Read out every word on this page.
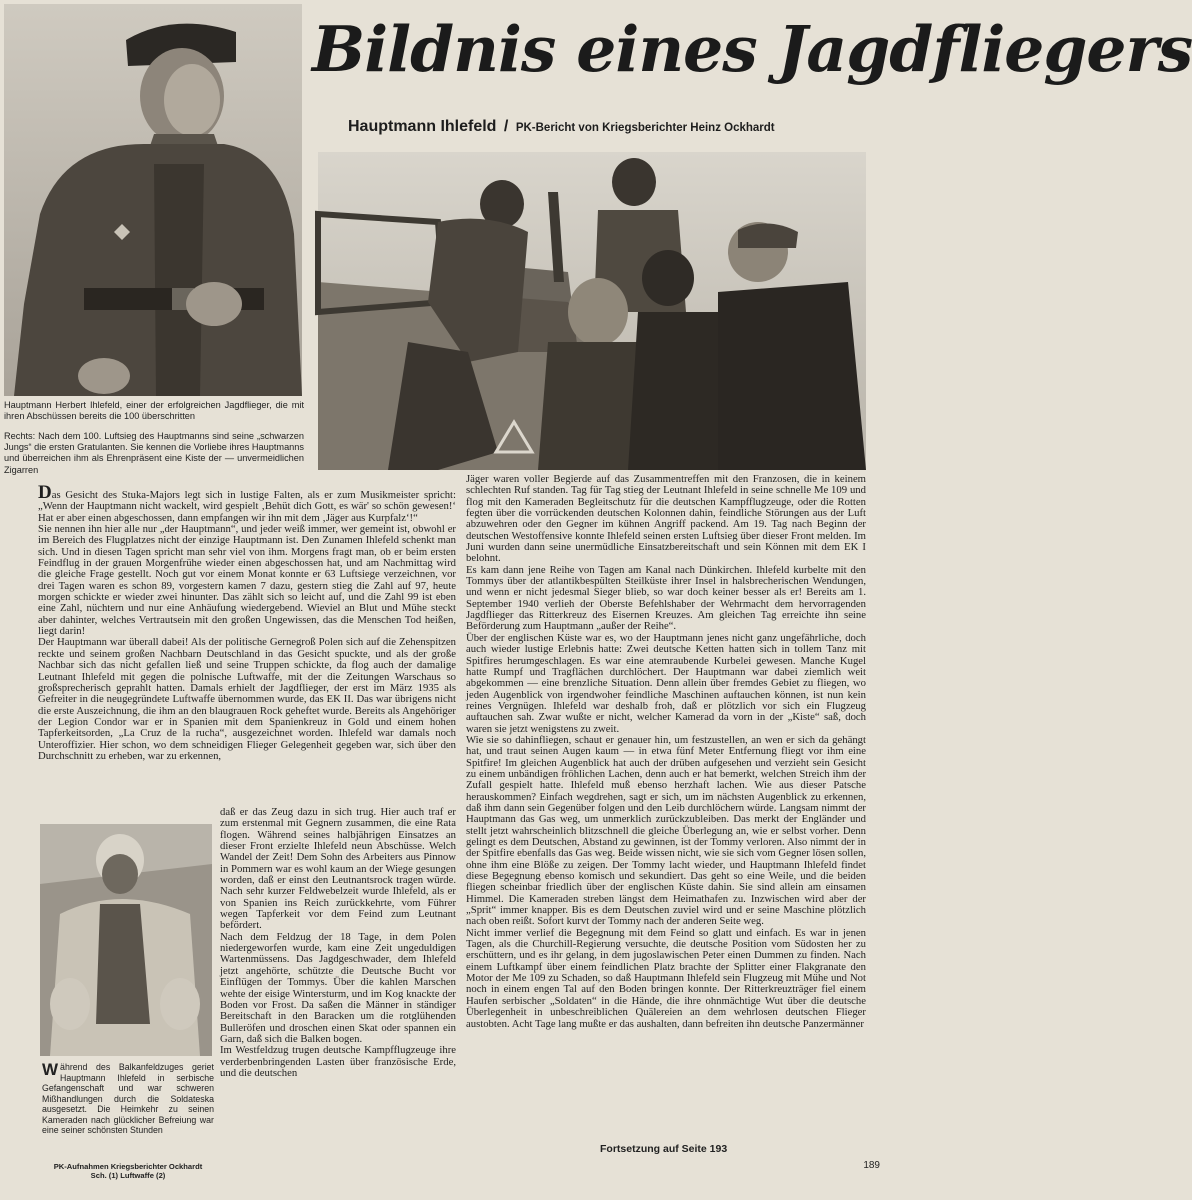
Bildnis eines Jagdfliegers
Hauptmann Ihlefeld / PK-Bericht von Kriegsberichter Heinz Ockhardt
Hauptmann Herbert Ihlefeld, einer der erfolgreichen Jagdflieger, die mit ihren Abschüssen bereits die 100 überschritten
Rechts: Nach dem 100. Luftsieg des Hauptmanns sind seine „schwarzen Jungs“ die ersten Gratulanten. Sie kennen die Vorliebe ihres Hauptmanns und überreichen ihm als Ehrenpräsent eine Kiste der — unvermeidlichen Zigarren

Das Gesicht des Stuka-Majors legt sich in lustige Falten, als er zum Musikmeister spricht: „Wenn der Hauptmann nicht wackelt, wird gespielt ‚Behüt dich Gott, es wär' so schön gewesen!‘ Hat er aber einen abgeschossen, dann empfangen wir ihn mit dem ‚Jäger aus Kurpfalz‘!“

Sie nennen ihn hier alle nur „der Hauptmann“, und jeder weiß immer, wer gemeint ist, obwohl er im Bereich des Flugplatzes nicht der einzige Hauptmann ist. Den Zunamen Ihlefeld schenkt man sich. Und in diesen Tagen spricht man sehr viel von ihm. Morgens fragt man, ob er beim ersten Feindflug in der grauen Morgenfrühe wieder einen abgeschossen hat, und am Nachmittag wird die gleiche Frage gestellt. Noch gut vor einem Monat konnte er 63 Luftsiege verzeichnen, vor drei Tagen waren es schon 89, vorgestern kamen 7 dazu, gestern stieg die Zahl auf 97, heute morgen schickte er wieder zwei hinunter. Das zählt sich so leicht auf, und die Zahl 99 ist eben eine Zahl, nüchtern und nur eine Anhäufung wiedergebend. Wieviel an Blut und Mühe steckt aber dahinter, welches Vertrautsein mit den großen Ungewissen, das die Menschen Tod heißen, liegt darin!

Der Hauptmann war überall dabei! Als der politische Gernegroß Polen sich auf die Zehenspitzen reckte und seinem großen Nachbarn Deutschland in das Gesicht spuckte, und als der große Nachbar sich das nicht gefallen ließ und seine Truppen schickte, da flog auch der damalige Leutnant Ihlefeld mit gegen die polnische Luftwaffe, mit der die Zeitungen Warschaus so großsprecherisch geprahlt hatten. Damals erhielt der Jagdflieger, der erst im März 1935 als Gefreiter in die neugegründete Luftwaffe übernommen wurde, das EK II. Das war übrigens nicht die erste Auszeichnung, die ihm an den blaugrauen Rock geheftet wurde. Bereits als Angehöriger der Legion Condor war er in Spanien mit dem Spanienkreuz in Gold und einem hohen Tapferkeitsorden, „La Cruz de la rucha“, ausgezeichnet worden. Ihlefeld war damals noch Unteroffizier. Hier schon, wo dem schneidigen Flieger Gelegenheit gegeben war, sich über den Durchschnitt zu erheben, war zu erkennen,

daß er das Zeug dazu in sich trug. Hier auch traf er zum erstenmal mit Gegnern zusammen, die eine Rata flogen. Während seines halbjährigen Einsatzes an dieser Front erzielte Ihlefeld neun Abschüsse. Welch Wandel der Zeit! Dem Sohn des Arbeiters aus Pinnow in Pommern war es wohl kaum an der Wiege gesungen worden, daß er einst den Leutnantsrock tragen würde. Nach sehr kurzer Feldwebelzeit wurde Ihlefeld, als er von Spanien ins Reich zurückkehrte, vom Führer wegen Tapferkeit vor dem Feind zum Leutnant befördert.

Nach dem Feldzug der 18 Tage, in dem Polen niedergeworfen wurde, kam eine Zeit ungeduldigen Wartenmüssens. Das Jagdgeschwader, dem Ihlefeld jetzt angehörte, schützte die Deutsche Bucht vor Einflügen der Tommys. Über die kahlen Marschen wehte der eisige Wintersturm, und im Kog knackte der Boden vor Frost. Da saßen die Männer in ständiger Bereitschaft in den Baracken um die rotglühenden Bulleröfen und droschen einen Skat oder spannen ein Garn, daß sich die Balken bogen.

Im Westfeldzug trugen deutsche Kampfflugzeuge ihre verderbenbringenden Lasten über französische Erde, und die deutschen

Während des Balkanfeldzuges geriet Hauptmann Ihlefeld in serbische Gefangenschaft und war schweren Mißhandlungen durch die Soldateska ausgesetzt. Die Heimkehr zu seinen Kameraden nach glücklicher Befreiung war eine seiner schönsten Stunden
PK-Aufnahmen Kriegsberichter Ockhardt
Sch. (1) Luftwaffe (2)

Jäger waren voller Begierde auf das Zusammentreffen mit den Franzosen, die in keinem schlechten Ruf standen. Tag für Tag stieg der Leutnant Ihlefeld in seine schnelle Me 109 und flog mit den Kameraden Begleitschutz für die deutschen Kampfflugzeuge, oder die Rotten fegten über die vorrückenden deutschen Kolonnen dahin, feindliche Störungen aus der Luft abzuwehren oder den Gegner im kühnen Angriff packend. Am 19. Tag nach Beginn der deutschen Westoffensive konnte Ihlefeld seinen ersten Luftsieg über dieser Front melden. Im Juni wurden dann seine unermüdliche Einsatzbereitschaft und sein Können mit dem EK I belohnt.

Es kam dann jene Reihe von Tagen am Kanal nach Dünkirchen. Ihlefeld kurbelte mit den Tommys über der atlantikbespülten Steilküste ihrer Insel in halsbrecherischen Wendungen, und wenn er nicht jedesmal Sieger blieb, so war doch keiner besser als er! Bereits am 1. September 1940 verlieh der Oberste Befehlshaber der Wehrmacht dem hervorragenden Jagdflieger das Ritterkreuz des Eisernen Kreuzes. Am gleichen Tag erreichte ihn seine Beförderung zum Hauptmann „außer der Reihe“.

Über der englischen Küste war es, wo der Hauptmann jenes nicht ganz ungefährliche, doch auch wieder lustige Erlebnis hatte: Zwei deutsche Ketten hatten sich in tollem Tanz mit Spitfires herumgeschlagen. Es war eine atemraubende Kurbelei gewesen. Manche Kugel hatte Rumpf und Tragflächen durchlöchert. Der Hauptmann war dabei ziemlich weit abgekommen — eine brenzliche Situation. Denn allein über fremdes Gebiet zu fliegen, wo jeden Augenblick von irgendwoher feindliche Maschinen auftauchen können, ist nun kein reines Vergnügen. Ihlefeld war deshalb froh, daß er plötzlich vor sich ein Flugzeug auftauchen sah. Zwar wußte er nicht, welcher Kamerad da vorn in der „Kiste“ saß, doch waren sie jetzt wenigstens zu zweit.

Wie sie so dahinfliegen, schaut er genauer hin, um festzustellen, an wen er sich da gehängt hat, und traut seinen Augen kaum — in etwa fünf Meter Entfernung fliegt vor ihm eine Spitfire! Im gleichen Augenblick hat auch der drüben aufgesehen und verzieht sein Gesicht zu einem unbändigen fröhlichen Lachen, denn auch er hat bemerkt, welchen Streich ihm der Zufall gespielt hatte. Ihlefeld muß ebenso herzhaft lachen. Wie aus dieser Patsche herauskommen? Einfach wegdrehen, sagt er sich, um im nächsten Augenblick zu erkennen, daß ihm dann sein Gegenüber folgen und den Leib durchlöchern würde. Langsam nimmt der Hauptmann das Gas weg, um unmerklich zurückzubleiben. Das merkt der Engländer und stellt jetzt wahrscheinlich blitzschnell die gleiche Überlegung an, wie er selbst vorher. Denn gelingt es dem Deutschen, Abstand zu gewinnen, ist der Tommy verloren. Also nimmt der in der Spitfire ebenfalls das Gas weg. Beide wissen nicht, wie sie sich vom Gegner lösen sollen, ohne ihm eine Blöße zu zeigen. Der Tommy lacht wieder, und Hauptmann Ihlefeld findet diese Begegnung ebenso komisch und sekundiert. Das geht so eine Weile, und die beiden fliegen scheinbar friedlich über der englischen Küste dahin. Sie sind allein am einsamen Himmel. Die Kameraden streben längst dem Heimathafen zu. Inzwischen wird aber der „Sprit“ immer knapper. Bis es dem Deutschen zuviel wird und er seine Maschine plötzlich nach oben reißt. Sofort kurvt der Tommy nach der anderen Seite weg.

Nicht immer verlief die Begegnung mit dem Feind so glatt und einfach. Es war in jenen Tagen, als die Churchill-Regierung versuchte, die deutsche Position vom Südosten her zu erschüttern, und es ihr gelang, in dem jugoslawischen Peter einen Dummen zu finden. Nach einem Luftkampf über einem feindlichen Platz brachte der Splitter einer Flakgranate den Motor der Me 109 zu Schaden, so daß Hauptmann Ihlefeld sein Flugzeug mit Mühe und Not noch in einem engen Tal auf den Boden bringen konnte. Der Ritterkreuzträger fiel einem Haufen serbischer „Soldaten“ in die Hände, die ihre ohnmächtige Wut über die deutsche Überlegenheit in unbeschreiblichen Quälereien an dem wehrlosen deutschen Flieger austobten. Acht Tage lang mußte er das aushalten, dann befreiten ihn deutsche Panzermänner

Fortsetzung auf Seite 193
189
